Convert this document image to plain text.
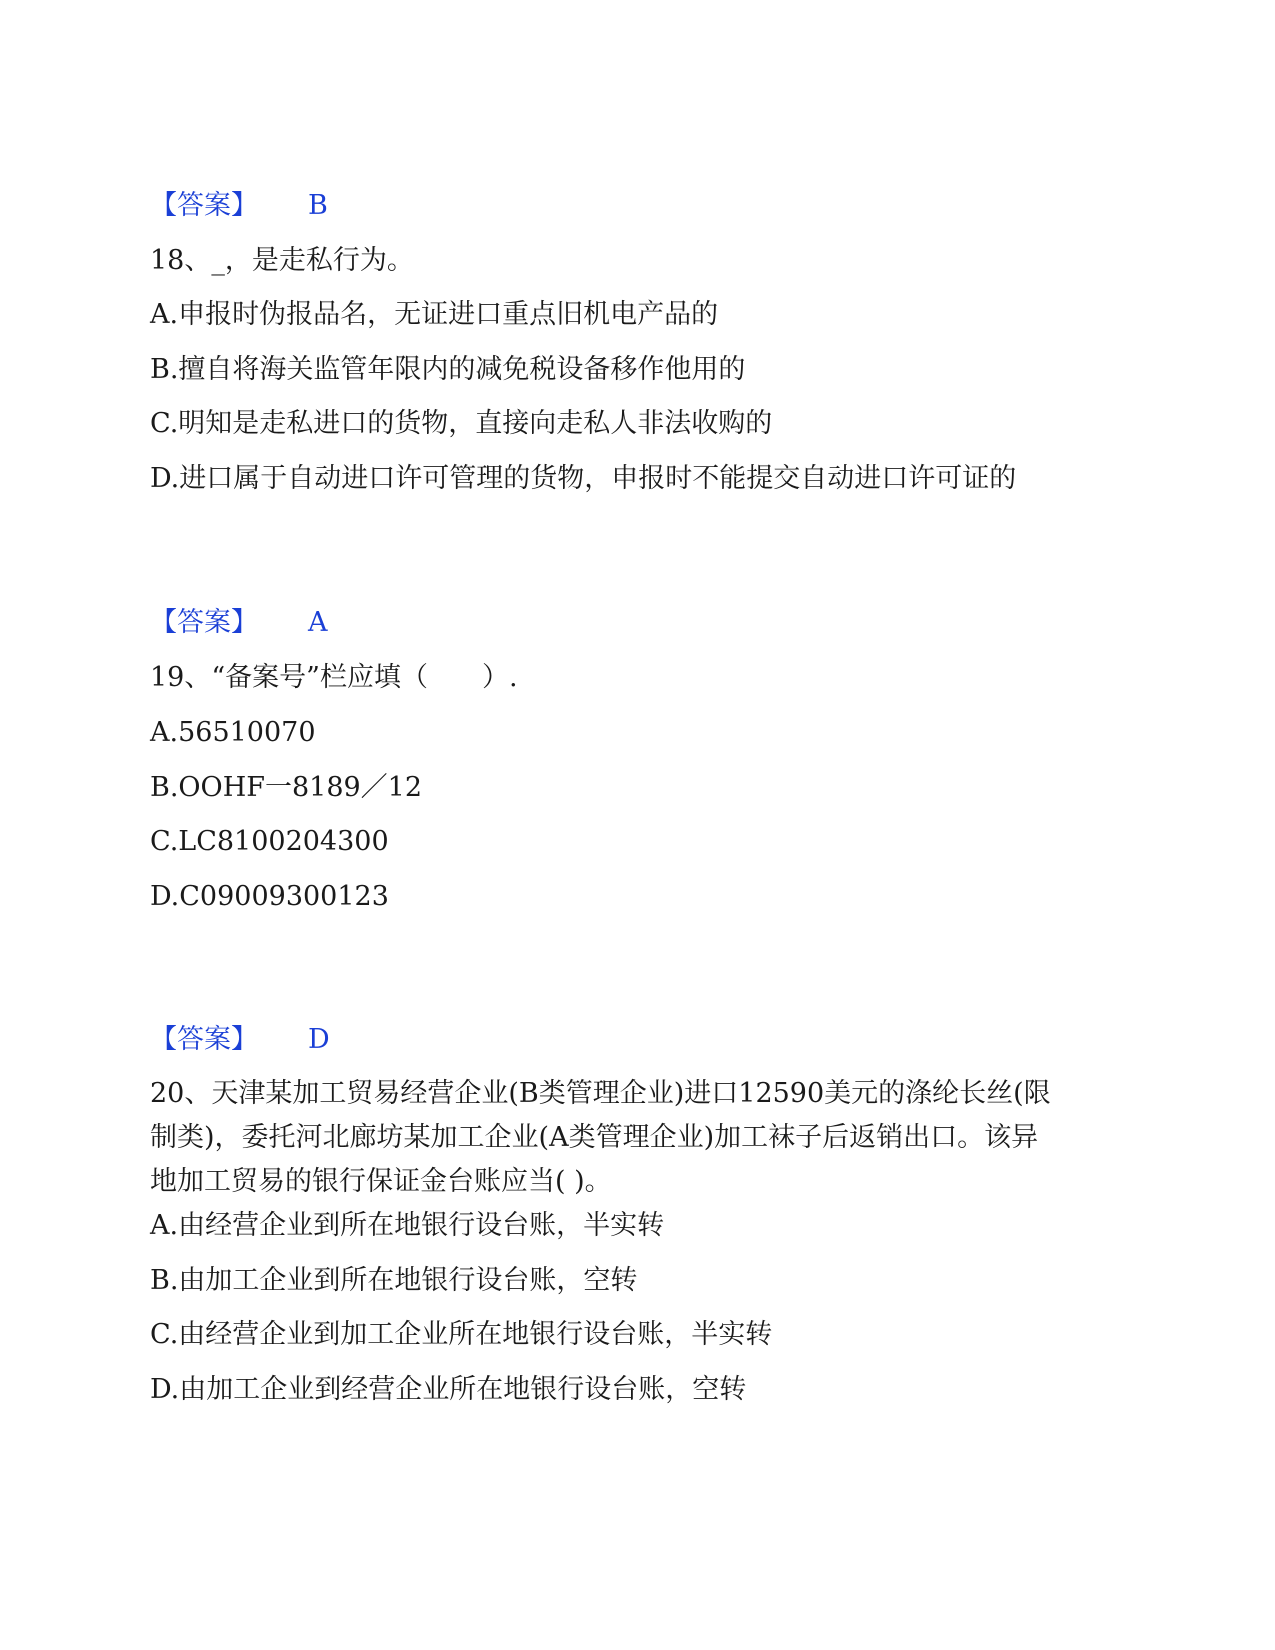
【答案】 B
18、_，是走私行为。
A.申报时伪报品名，无证进口重点旧机电产品的
B.擅自将海关监管年限内的减免税设备移作他用的
C.明知是走私进口的货物，直接向走私人非法收购的
D.进口属于自动进口许可管理的货物，申报时不能提交自动进口许可证的
【答案】 A
19、“备案号”栏应填（　　）.
A.56510070
B.OOHF一8189／12
C.LC8100204300
D.C09009300123
【答案】 D
20、天津某加工贸易经营企业(B类管理企业)进口12590美元的涤纶长丝(限
制类)，委托河北廊坊某加工企业(A类管理企业)加工袜子后返销出口。该异
地加工贸易的银行保证金台账应当( )。
A.由经营企业到所在地银行设台账，半实转
B.由加工企业到所在地银行设台账，空转
C.由经营企业到加工企业所在地银行设台账，半实转
D.由加工企业到经营企业所在地银行设台账，空转
